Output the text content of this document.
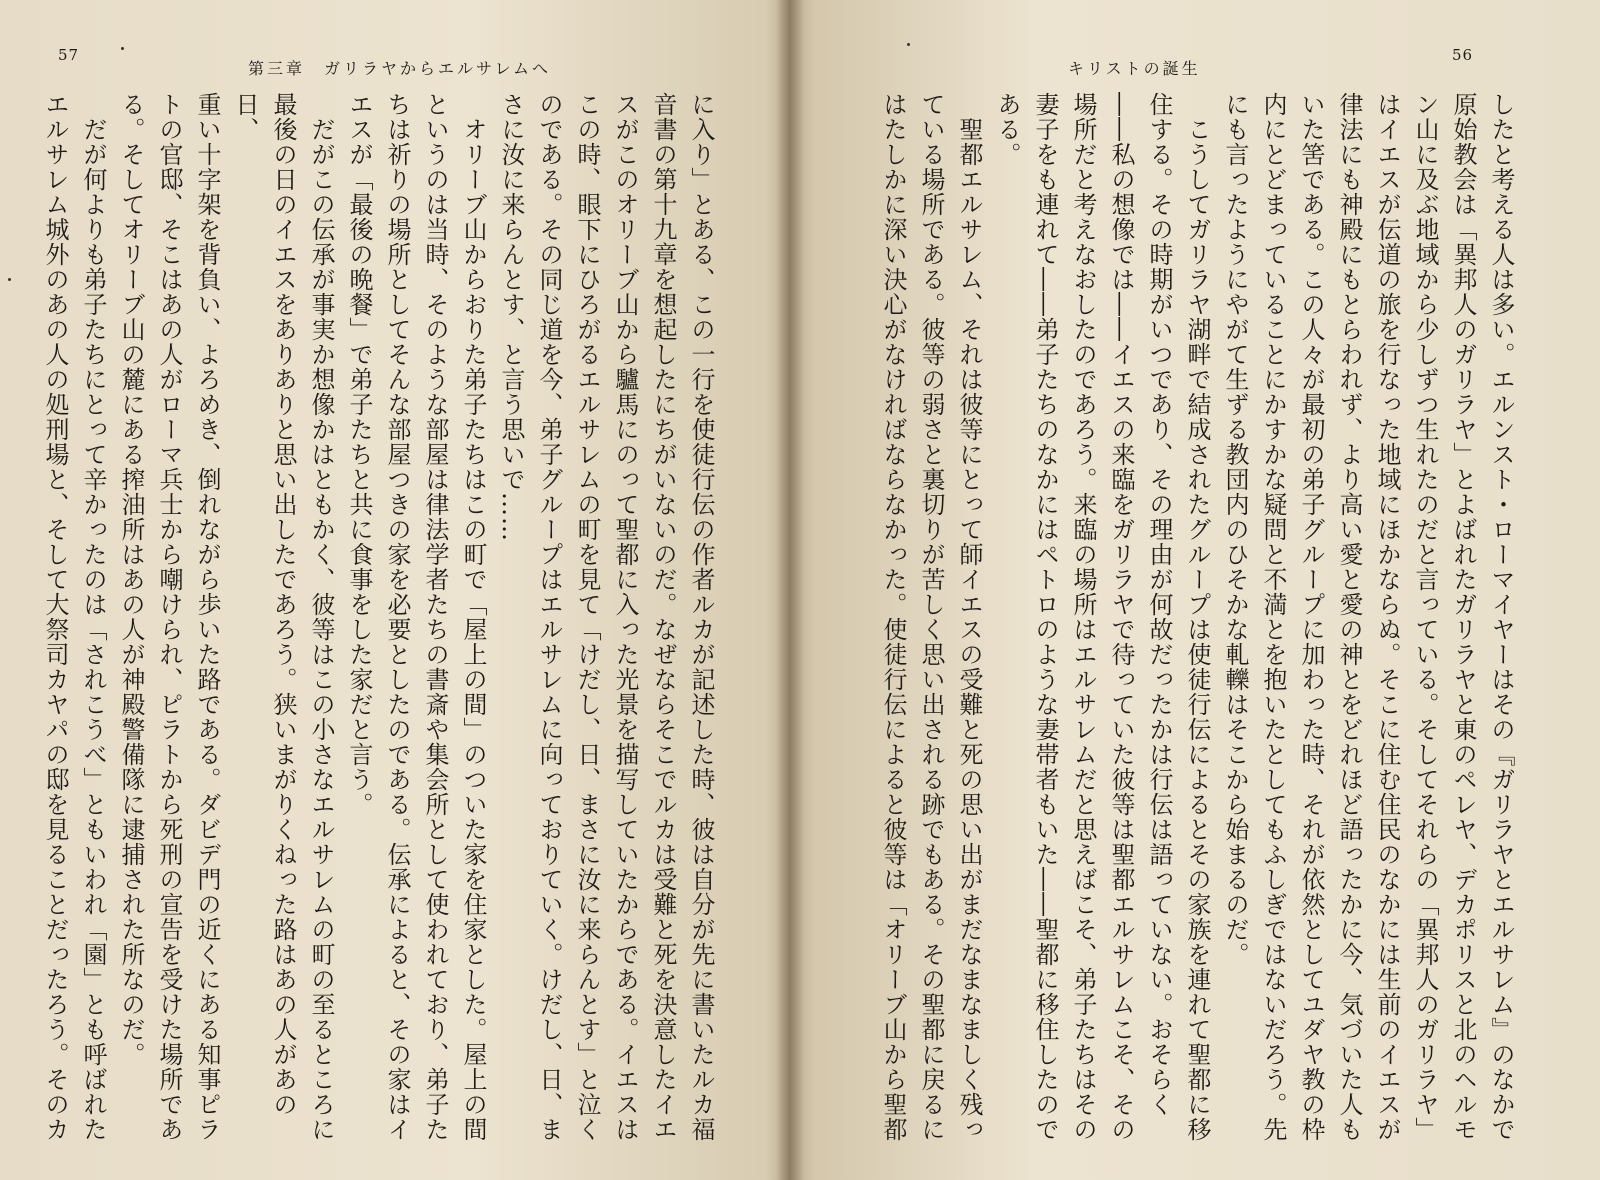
57
第三章　ガリラヤからエルサレムへ
に入り」とある、この一行を使徒行伝の作者ルカが記述した時、彼は自分が先に書いたルカ福
音書の第十九章を想起したにちがいないのだ。なぜならそこでルカは受難と死を決意したイエ
スがこのオリーブ山から驢馬にのって聖都に入った光景を描写していたからである。イエスは
この時、眼下にひろがるエルサレムの町を見て「けだし、日、まさに汝に来らんとす」と泣く
のである。その同じ道を今、弟子グループはエルサレムに向っておりていく。けだし、日、ま
さに汝に来らんとす、と言う思いで……
　オリーブ山からおりた弟子たちはこの町で「屋上の間」のついた家を住家とした。屋上の間
というのは当時、そのような部屋は律法学者たちの書斎や集会所として使われており、弟子た
ちは祈りの場所としてそんな部屋つきの家を必要としたのである。伝承によると、その家はイ
エスが「最後の晩餐」で弟子たちと共に食事をした家だと言う。
　だがこの伝承が事実か想像かはともかく、彼等はこの小さなエルサレムの町の至るところに
最後の日のイエスをありありと思い出したであろう。狭いまがりくねった路はあの人があの日、
重い十字架を背負い、よろめき、倒れながら歩いた路である。ダビデ門の近くにある知事ピラ
トの官邸、そこはあの人がローマ兵士から嘲けられ、ピラトから死刑の宣告を受けた場所であ
る。そしてオリーブ山の麓にある搾油所はあの人が神殿警備隊に逮捕された所なのだ。
　だが何よりも弟子たちにとって辛かったのは「されこうべ」ともいわれ「園」とも呼ばれた
エルサレム城外のあの人の処刑場と、そして大祭司カヤパの邸を見ることだったろう。そのカ
56
キリストの誕生
したと考える人は多い。エルンスト・ローマイヤーはその『ガリラヤとエルサレム』のなかで
原始教会は「異邦人のガリラヤ」とよばれたガリラヤと東のペレヤ、デカポリスと北のヘルモ
ン山に及ぶ地域から少しずつ生れたのだと言っている。そしてそれらの「異邦人のガリラヤ」
はイエスが伝道の旅を行なった地域にほかならぬ。そこに住む住民のなかには生前のイエスが
律法にも神殿にもとらわれず、より高い愛と愛の神とをどれほど語ったかに今、気づいた人も
いた筈である。この人々が最初の弟子グループに加わった時、それが依然としてユダヤ教の枠
内にとどまっていることにかすかな疑問と不満とを抱いたとしてもふしぎではないだろう。先
にも言ったようにやがて生ずる教団内のひそかな軋轢はそこから始まるのだ。
　こうしてガリラヤ湖畔で結成されたグループは使徒行伝によるとその家族を連れて聖都に移
住する。その時期がいつであり、その理由が何故だったかは行伝は語っていない。おそらく
――私の想像では――イエスの来臨をガリラヤで待っていた彼等は聖都エルサレムこそ、その
場所だと考えなおしたのであろう。来臨の場所はエルサレムだと思えばこそ、弟子たちはその
妻子をも連れて――弟子たちのなかにはペトロのような妻帯者もいた――聖都に移住したので
ある。
　聖都エルサレム、それは彼等にとって師イエスの受難と死の思い出がまだなまなましく残っ
ている場所である。彼等の弱さと裏切りが苦しく思い出される跡でもある。その聖都に戻るに
はたしかに深い決心がなければならなかった。使徒行伝によると彼等は「オリーブ山から聖都
